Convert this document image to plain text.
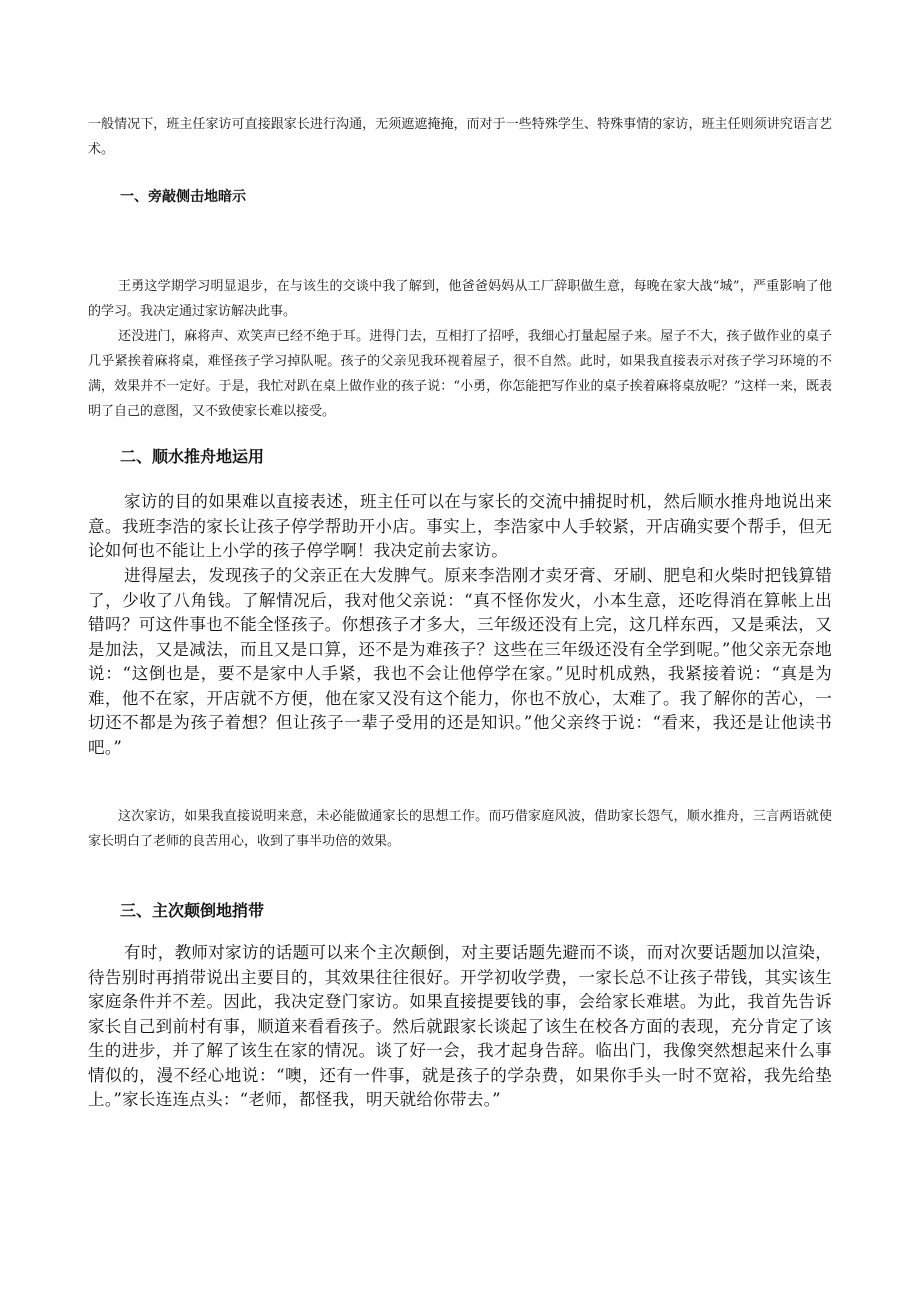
一般情况下，班主任家访可直接跟家长进行沟通，无须遮遮掩掩，而对于一些特殊学生、特殊事情的家访，班主任则须讲究语言艺术。

一、旁敲侧击地暗示

王勇这学期学习明显退步，在与该生的交谈中我了解到，他爸爸妈妈从工厂辞职做生意，每晚在家大战“城”，严重影响了他的学习。我决定通过家访解决此事。

还没进门，麻将声、欢笑声已经不绝于耳。进得门去，互相打了招呼，我细心打量起屋子来。屋子不大，孩子做作业的桌子几乎紧挨着麻将桌，难怪孩子学习掉队呢。孩子的父亲见我环视着屋子，很不自然。此时，如果我直接表示对孩子学习环境的不满，效果并不一定好。于是，我忙对趴在桌上做作业的孩子说：“小勇，你怎能把写作业的桌子挨着麻将桌放呢？”这样一来，既表明了自己的意图，又不致使家长难以接受。

二、顺水推舟地运用

家访的目的如果难以直接表述，班主任可以在与家长的交流中捕捉时机，然后顺水推舟地说出来意。我班李浩的家长让孩子停学帮助开小店。事实上，李浩家中人手较紧，开店确实要个帮手，但无论如何也不能让上小学的孩子停学啊！我决定前去家访。

进得屋去，发现孩子的父亲正在大发脾气。原来李浩刚才卖牙膏、牙刷、肥皂和火柴时把钱算错了，少收了八角钱。了解情况后，我对他父亲说：“真不怪你发火，小本生意，还吃得消在算帐上出错吗？可这件事也不能全怪孩子。你想孩子才多大，三年级还没有上完，这几样东西，又是乘法，又是加法，又是减法，而且又是口算，还不是为难孩子？这些在三年级还没有全学到呢。”他父亲无奈地说：“这倒也是，要不是家中人手紧，我也不会让他停学在家。”见时机成熟，我紧接着说：“真是为难，他不在家，开店就不方便，他在家又没有这个能力，你也不放心，太难了。我了解你的苦心，一切还不都是为孩子着想？但让孩子一辈子受用的还是知识。”他父亲终于说：“看来，我还是让他读书吧。”

这次家访，如果我直接说明来意，未必能做通家长的思想工作。而巧借家庭风波，借助家长怨气，顺水推舟，三言两语就使家长明白了老师的良苦用心，收到了事半功倍的效果。

三、主次颠倒地捎带

有时，教师对家访的话题可以来个主次颠倒，对主要话题先避而不谈，而对次要话题加以渲染，待告别时再捎带说出主要目的，其效果往往很好。开学初收学费，一家长总不让孩子带钱，其实该生家庭条件并不差。因此，我决定登门家访。如果直接提要钱的事，会给家长难堪。为此，我首先告诉家长自己到前村有事，顺道来看看孩子。然后就跟家长谈起了该生在校各方面的表现，充分肯定了该生的进步，并了解了该生在家的情况。谈了好一会，我才起身告辞。临出门，我像突然想起来什么事情似的，漫不经心地说：“噢，还有一件事，就是孩子的学杂费，如果你手头一时不宽裕，我先给垫上。”家长连连点头：“老师，都怪我，明天就给你带去。”
